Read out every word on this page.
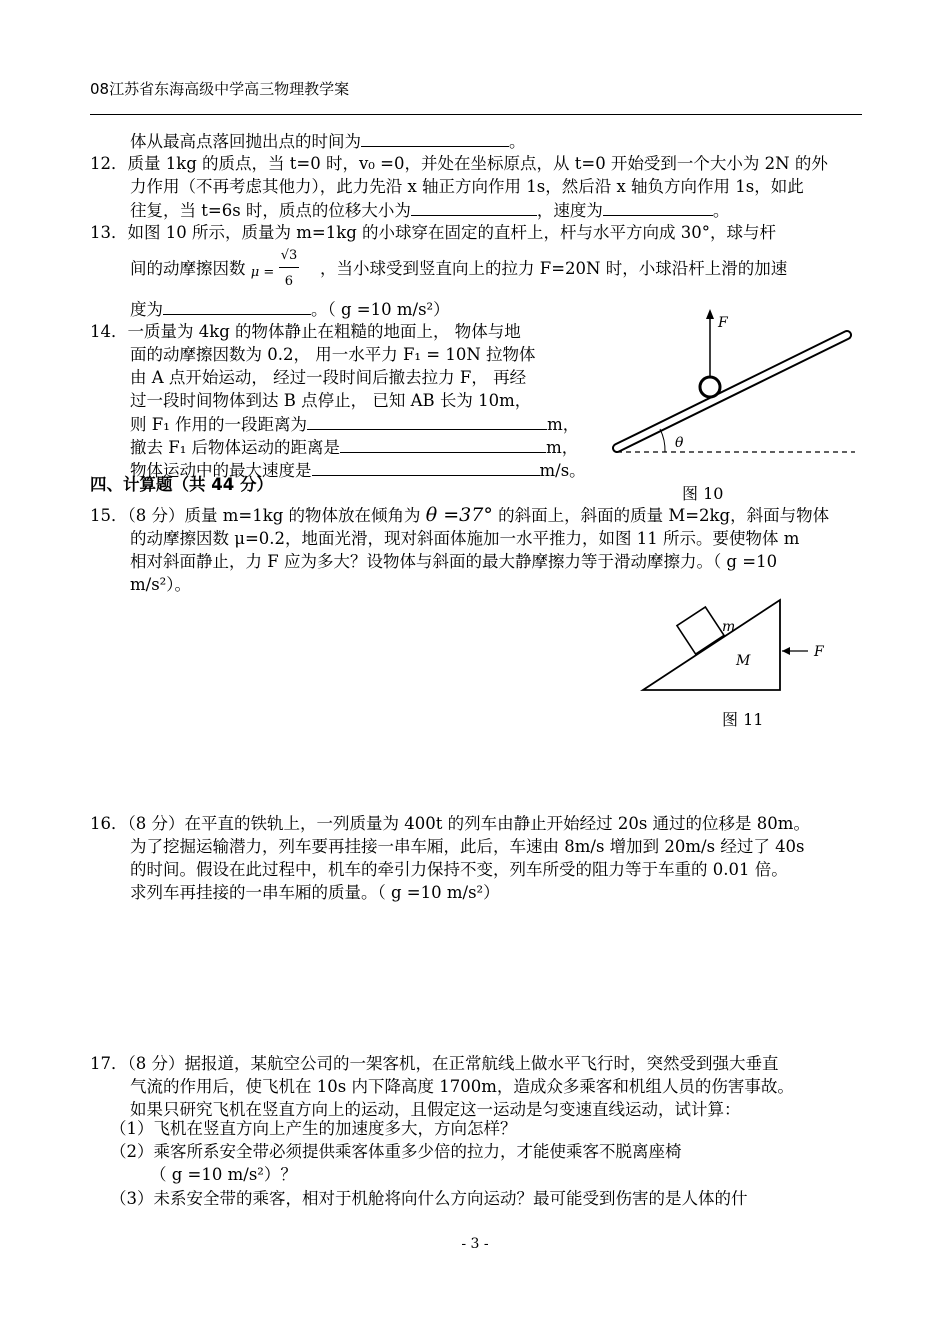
08江苏省东海高级中学高三物理教学案
体从最高点落回抛出点的时间为	。
12．质量 1kg 的质点，当 t=0 时，v₀ =0，并处在坐标原点，从 t=0 开始受到一个大小为 2N 的外
力作用（不再考虑其他力），此力先沿 x 轴正方向作用 1s，然后沿 x 轴负方向作用 1s，如此
往复，当 t=6s 时，质点的位移大小为	，速度为	。
13．如图 10 所示，质量为 m=1kg 的小球穿在固定的直杆上，杆与水平方向成 30°，球与杆
间的动摩擦因数 μ =
√3
6
，当小球受到竖直向上的拉力 F=20N 时，小球沿杆上滑的加速
度为	。（ g =10 m/s²）
14．一质量为 4kg 的物体静止在粗糙的地面上， 物体与地
面的动摩擦因数为 0.2， 用一水平力 F₁ = 10N 拉物体
由 A 点开始运动， 经过一段时间后撤去拉力 F， 再经
过一段时间物体到达 B 点停止， 已知 AB 长为 10m，
则 F₁ 作用的一段距离为	m，
撤去 F₁ 后物体运动的距离是	m，
物体运动中的最大速度是	m/s。
F
θ
图 10
四、计算题（共 44 分）
15．（8 分）质量 m=1kg 的物体放在倾角为 θ =37° 的斜面上，斜面的质量 M=2kg，斜面与物体
的动摩擦因数 μ=0.2，地面光滑，现对斜面体施加一水平推力，如图 11 所示。要使物体 m
相对斜面静止，力 F 应为多大？设物体与斜面的最大静摩擦力等于滑动摩擦力。（ g =10
m/s²）。
m
M
F
图 11
16．（8 分）在平直的铁轨上，一列质量为 400t 的列车由静止开始经过 20s 通过的位移是 80m。
为了挖掘运输潜力，列车要再挂接一串车厢，此后，车速由 8m/s 增加到 20m/s 经过了 40s
的时间。假设在此过程中，机车的牵引力保持不变，列车所受的阻力等于车重的 0.01 倍。
求列车再挂接的一串车厢的质量。（ g =10 m/s²）
17．（8 分）据报道，某航空公司的一架客机，在正常航线上做水平飞行时，突然受到强大垂直
气流的作用后，使飞机在 10s 内下降高度 1700m，造成众多乘客和机组人员的伤害事故。
如果只研究飞机在竖直方向上的运动，且假定这一运动是匀变速直线运动，试计算：
（1）飞机在竖直方向上产生的加速度多大，方向怎样？
（2）乘客所系安全带必须提供乘客体重多少倍的拉力，才能使乘客不脱离座椅
（ g =10 m/s²）？
（3）未系安全带的乘客，相对于机舱将向什么方向运动？最可能受到伤害的是人体的什
- 3 -
